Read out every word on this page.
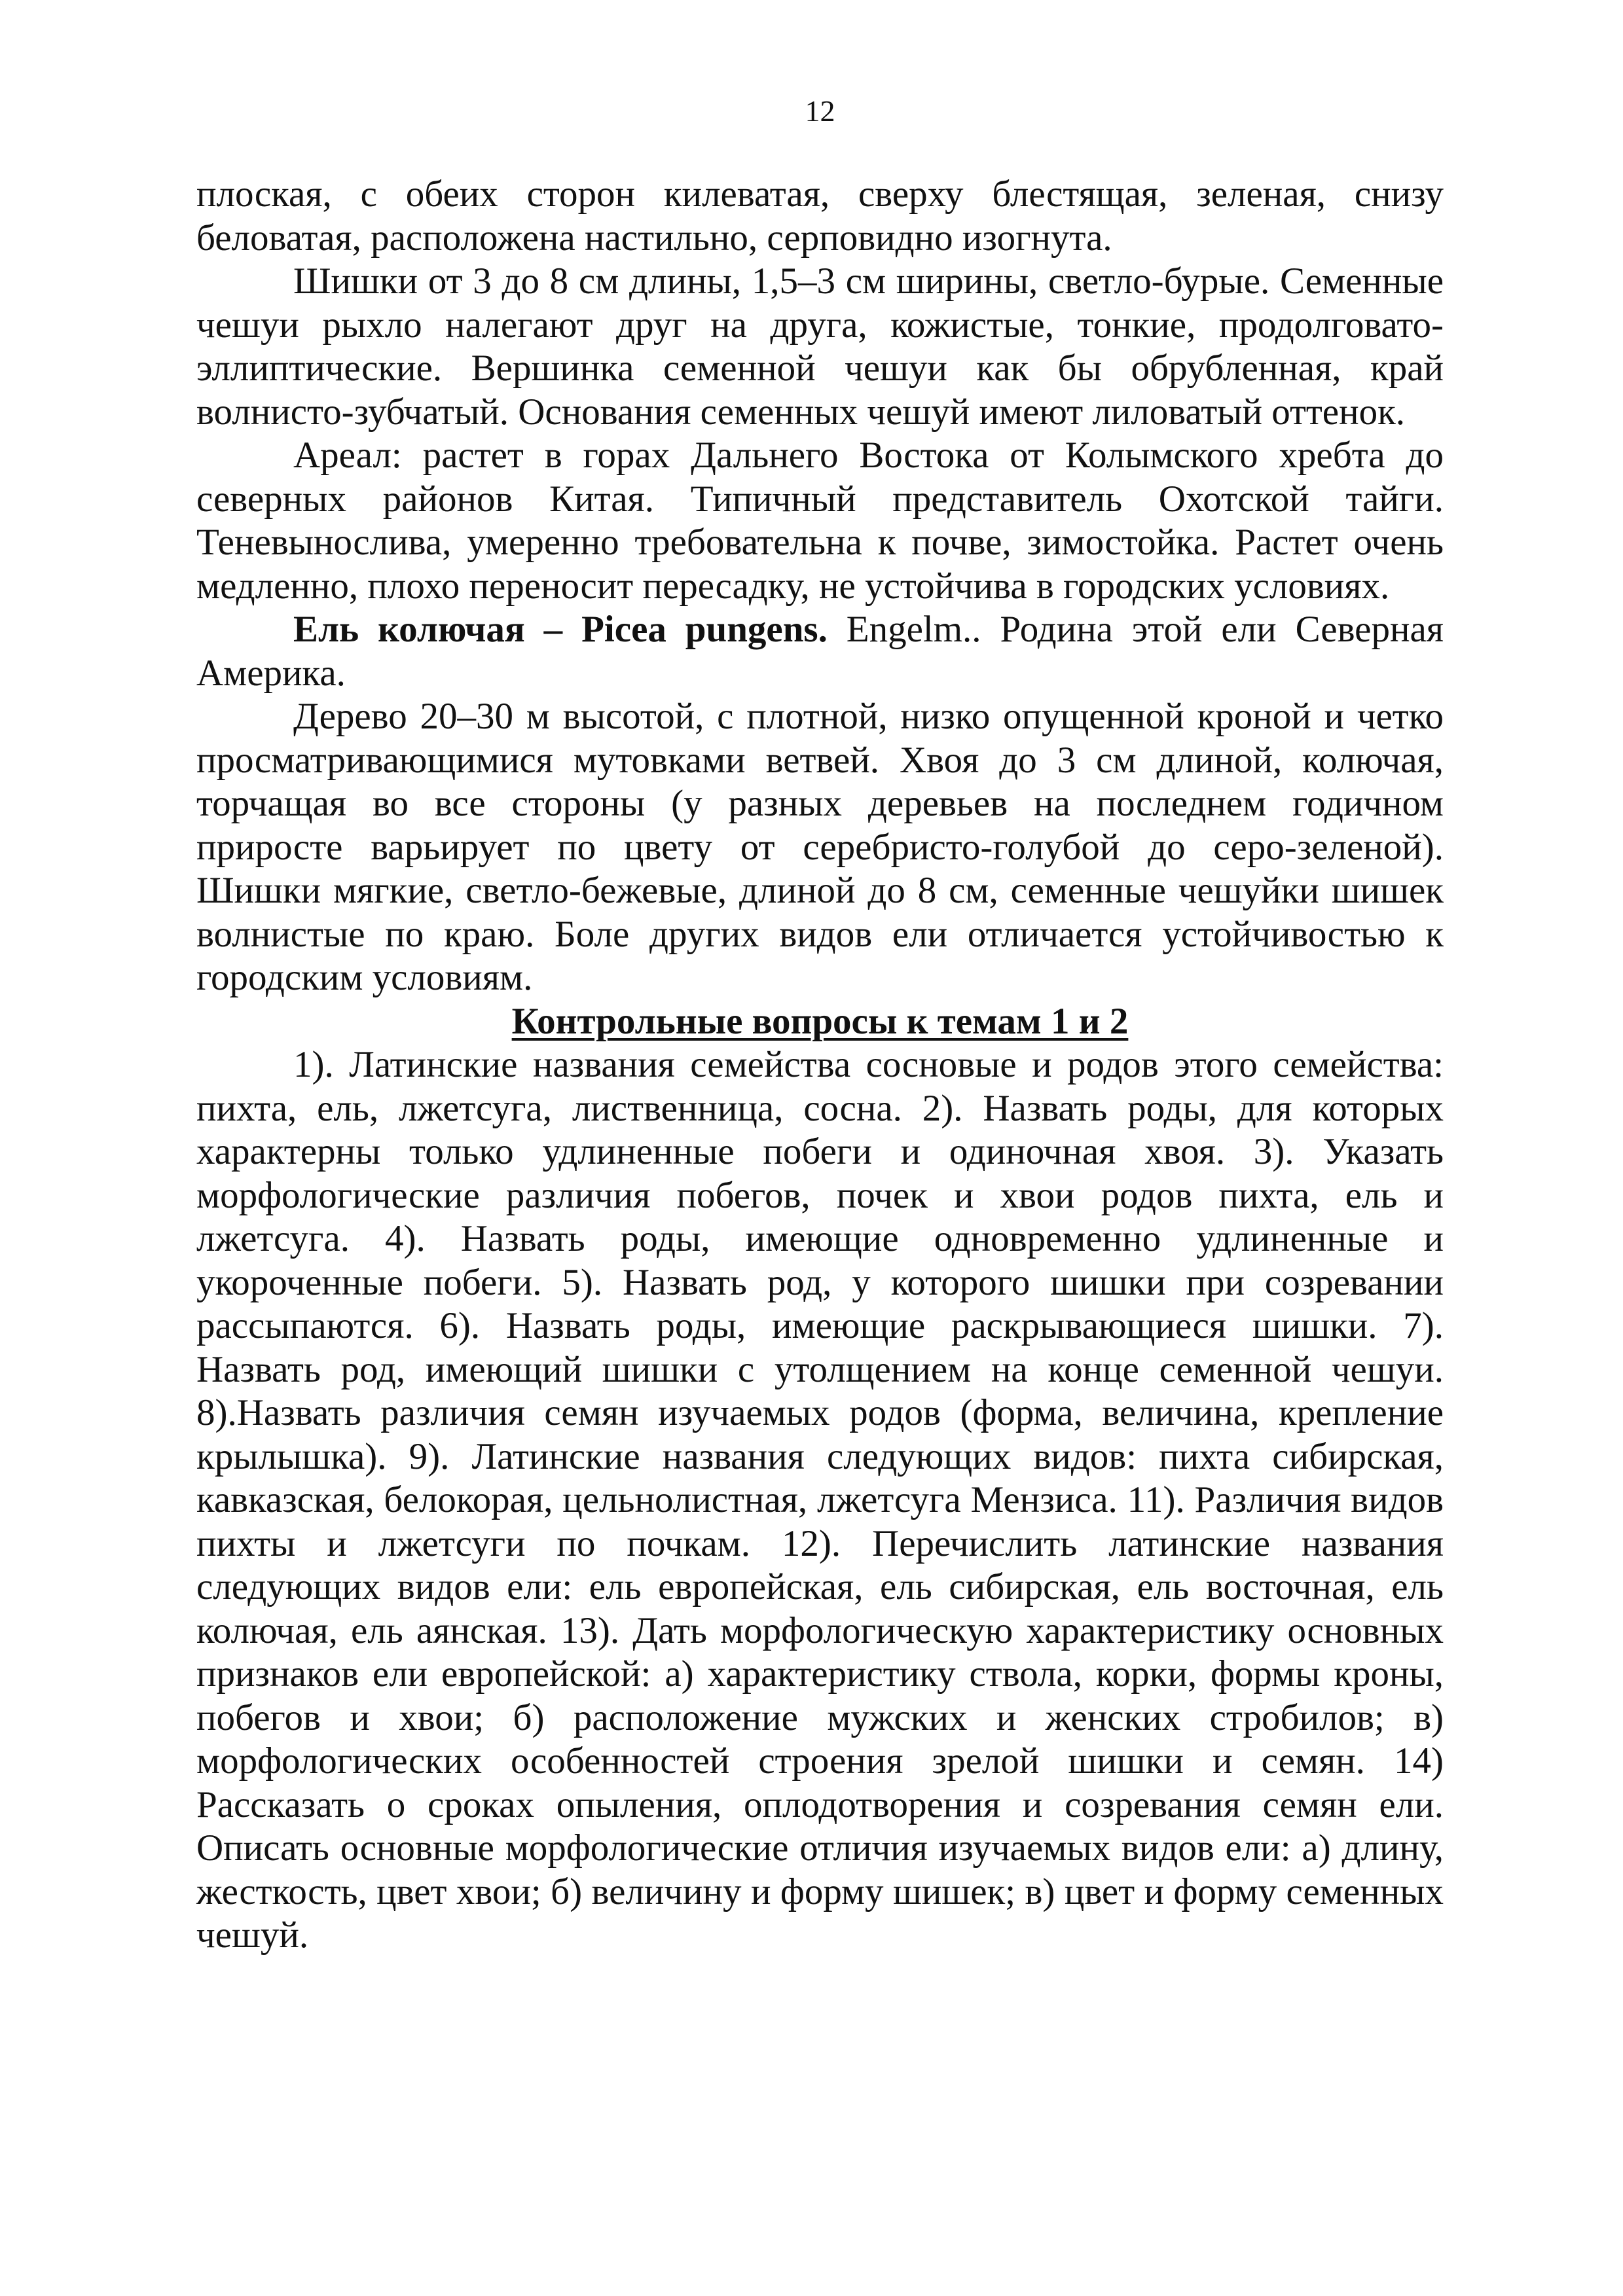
12

плоская, с обеих сторон килеватая, сверху блестящая, зеленая, снизу беловатая, расположена настильно, серповидно изогнута.

Шишки от 3 до 8 см длины, 1,5–3 см ширины, светло-бурые. Семенные чешуи рыхло налегают друг на друга, кожистые, тонкие, продолговато-эллиптические. Вершинка семенной чешуи как бы обрубленная, край волнисто-зубчатый. Основания семенных чешуй имеют лиловатый оттенок.

Ареал: растет в горах Дальнего Востока от Колымского хребта до северных районов Китая. Типичный представитель Охотской тайги. Теневынослива, умеренно требовательна к почве, зимостойка. Растет очень медленно, плохо переносит пересадку, не устойчива в городских условиях.

Ель колючая – Picea pungens. Engelm.. Родина этой ели Северная Америка.

Дерево 20–30 м высотой, с плотной, низко опущенной кроной и четко просматривающимися мутовками ветвей. Хвоя до 3 см длиной, колючая, торчащая во все стороны (у разных деревьев на последнем годичном приросте варьирует по цвету от серебристо-голубой до серо-зеленой). Шишки мягкие, светло-бежевые, длиной до 8 см, семенные чешуйки шишек волнистые по краю. Боле других видов ели отличается устойчивостью к городским условиям.

Контрольные вопросы к темам 1 и 2

1). Латинские названия семейства сосновые и родов этого семейства: пихта, ель, лжетсуга, лиственница, сосна. 2). Назвать роды, для которых характерны только удлиненные побеги и одиночная хвоя. 3). Указать морфологические различия побегов, почек и хвои родов пихта, ель и лжетсуга. 4). Назвать роды, имеющие одновременно удлиненные и укороченные побеги. 5). Назвать род, у которого шишки при созревании рассыпаются. 6). Назвать роды, имеющие раскрывающиеся шишки. 7). Назвать род, имеющий шишки с утолщением на конце семенной чешуи. 8).Назвать различия семян изучаемых родов (форма, величина, крепление крылышка). 9). Латинские названия следующих видов: пихта сибирская, кавказская, белокорая, цельнолистная, лжетсуга Мензиса. 11). Различия видов пихты и лжетсуги по почкам. 12). Перечислить латинские названия следующих видов ели: ель европейская, ель сибирская, ель восточная, ель колючая, ель аянская. 13). Дать морфологическую характеристику основных признаков ели европейской: а) характеристику ствола, корки, формы кроны, побегов и хвои; б) расположение мужских и женских стробилов; в) морфологических особенностей строения зрелой шишки и семян. 14) Рассказать о сроках опыления, оплодотворения и созревания семян ели. Описать основные морфологические отличия изучаемых видов ели: а) длину, жесткость, цвет хвои; б) величину и форму шишек; в) цвет и форму семенных чешуй.
